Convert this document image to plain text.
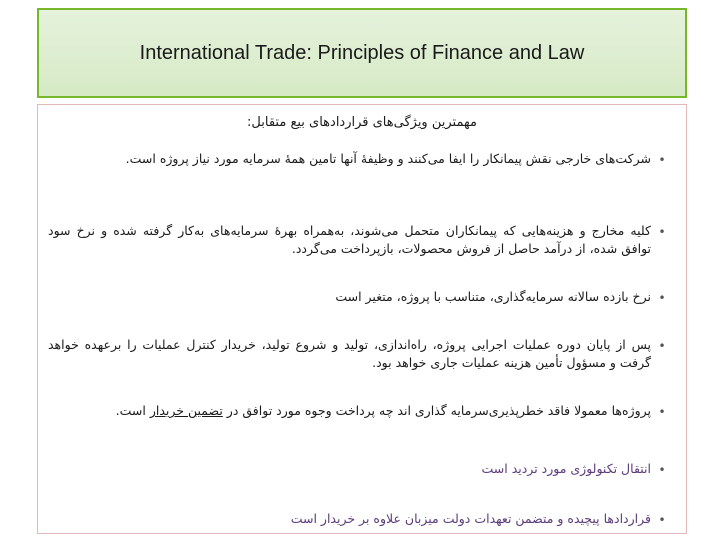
International Trade: Principles of Finance and Law
مهمترین ویژگی‌های قراردادهای بیع متقابل:
•
شرکت‌های خارجی نقش پیمانکار را ایفا می‌کنند و وظیفهٔ آنها تامین همهٔ سرمایه مورد نیاز پروژه است.
•
کلیه مخارج و هزینه‌هایی که پیمانکاران متحمل می‌شوند، به‌همراه بهرهٔ سرمایه‌های به‌کار گرفته شده و نرخ سود توافق شده، از درآمد حاصل از فروش محصولات، بازپرداخت می‌گردد.
•
نرخ بازده سالانه سرمایه‌گذاری، متناسب با پروژه، متغیر است
•
پس از پایان دوره عملیات اجرایی پروژه، راه‌اندازی، تولید و شروع تولید، خریدار کنترل عملیات را برعهده خواهد گرفت و مسؤول تأمین هزینه عملیات جاری خواهد بود.
•
پروژه‌ها معمولا فاقد خطرپذیری‌سرمایه گذاری اند چه پرداخت وجوه مورد توافق در تضمین خریدار است.
•
انتقال تکنولوژی مورد تردید است
•
قراردادها پیچیده و متضمن تعهدات دولت میزبان علاوه بر خریدار است
